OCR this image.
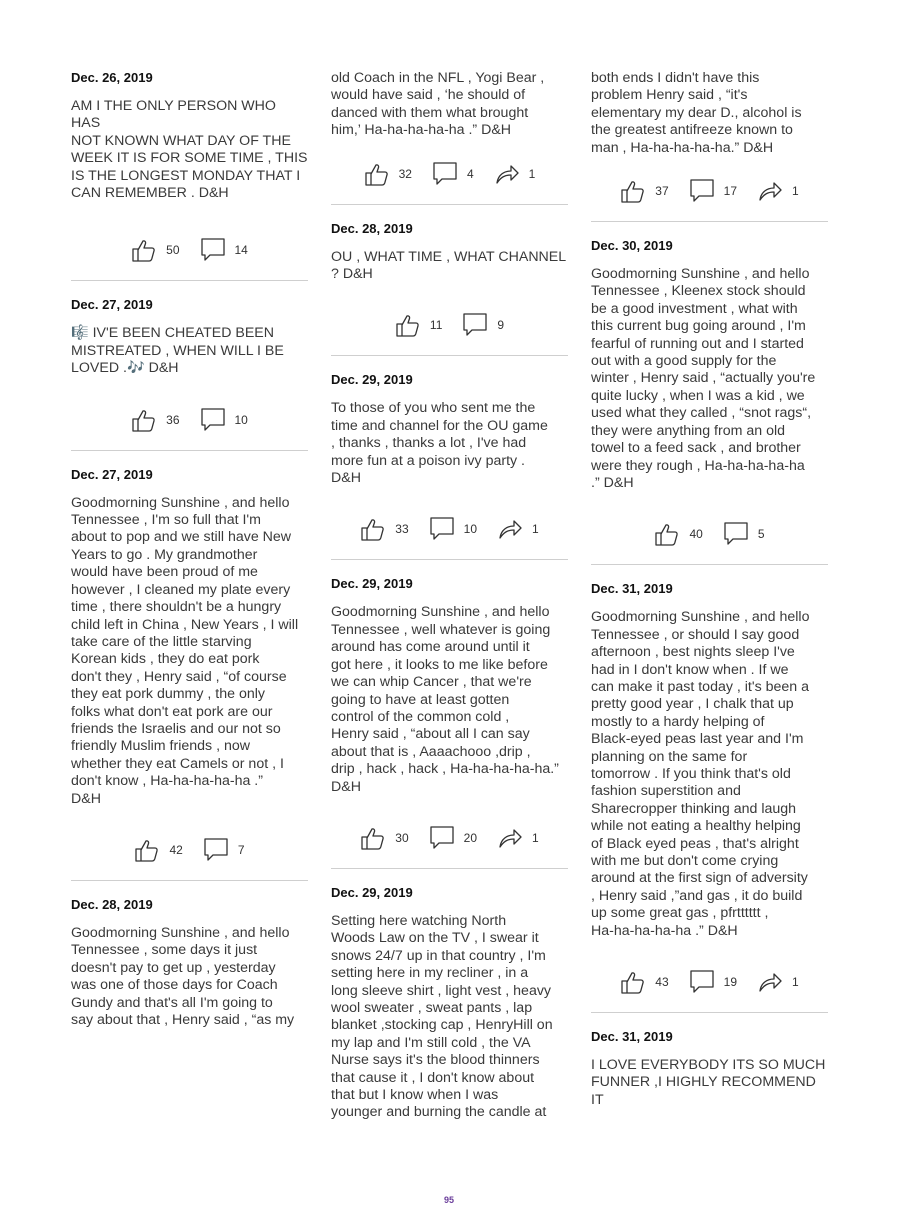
Dec. 26, 2019
AM I THE ONLY PERSON WHO HAS
NOT KNOWN WHAT DAY OF THE
WEEK IT IS FOR SOME TIME , THIS
IS THE LONGEST MONDAY THAT I
CAN REMEMBER . D&H
50	14
Dec. 27, 2019
🎼 IV'E BEEN CHEATED BEEN
MISTREATED , WHEN WILL I BE
LOVED .🎶 D&H
36	10
Dec. 27, 2019
Goodmorning Sunshine , and hello
Tennessee , I'm so full that I'm
about to pop and we still have New
Years to go . My grandmother
would have been proud of me
however , I cleaned my plate every
time , there shouldn't be a hungry
child left in China , New Years , I will
take care of the little starving
Korean kids , they do eat pork
don't they , Henry said , “of course
they eat pork dummy , the only
folks what don't eat pork are our
friends the Israelis and our not so
friendly Muslim friends , now
whether they eat Camels or not , I
don't know , Ha-ha-ha-ha-ha .”
D&H
42	7
Dec. 28, 2019
Goodmorning Sunshine , and hello
Tennessee , some days it just
doesn't pay to get up , yesterday
was one of those days for Coach
Gundy and that's all I'm going to
say about that , Henry said , “as my
old Coach in the NFL , Yogi Bear ,
would have said , ‘he should of
danced with them what brought
him,’ Ha-ha-ha-ha-ha .” D&H
32	4	1
Dec. 28, 2019
OU , WHAT TIME , WHAT CHANNEL
? D&H
11	9
Dec. 29, 2019
To those of you who sent me the
time and channel for the OU game
, thanks , thanks a lot , I've had
more fun at a poison ivy party .
D&H
33	10	1
Dec. 29, 2019
Goodmorning Sunshine , and hello
Tennessee , well whatever is going
around has come around until it
got here , it looks to me like before
we can whip Cancer , that we're
going to have at least gotten
control of the common cold ,
Henry said , “about all I can say
about that is , Aaaachooo ,drip ,
drip , hack , hack , Ha-ha-ha-ha-ha.”
D&H
30	20	1
Dec. 29, 2019
Setting here watching North
Woods Law on the TV , I swear it
snows 24/7 up in that country , I'm
setting here in my recliner , in a
long sleeve shirt , light vest , heavy
wool sweater , sweat pants , lap
blanket ,stocking cap , HenryHill on
my lap and I'm still cold , the VA
Nurse says it's the blood thinners
that cause it , I don't know about
that but I know when I was
younger and burning the candle at
both ends I didn't have this
problem Henry said , “it's
elementary my dear D., alcohol is
the greatest antifreeze known to
man , Ha-ha-ha-ha-ha.” D&H
37	17	1
Dec. 30, 2019
Goodmorning Sunshine , and hello
Tennessee , Kleenex stock should
be a good investment , what with
this current bug going around , I'm
fearful of running out and I started
out with a good supply for the
winter , Henry said , “actually you're
quite lucky , when I was a kid , we
used what they called , “snot rags“,
they were anything from an old
towel to a feed sack , and brother
were they rough , Ha-ha-ha-ha-ha
.” D&H
40	5
Dec. 31, 2019
Goodmorning Sunshine , and hello
Tennessee , or should I say good
afternoon , best nights sleep I've
had in I don't know when . If we
can make it past today , it's been a
pretty good year , I chalk that up
mostly to a hardy helping of
Black-eyed peas last year and I'm
planning on the same for
tomorrow . If you think that's old
fashion superstition and
Sharecropper thinking and laugh
while not eating a healthy helping
of Black eyed peas , that's alright
with me but don't come crying
around at the first sign of adversity
, Henry said ,”and gas , it do build
up some great gas , pfrtttttt ,
Ha-ha-ha-ha-ha .” D&H
43	19	1
Dec. 31, 2019
I LOVE EVERYBODY ITS SO MUCH
FUNNER ,I HIGHLY RECOMMEND IT
95
